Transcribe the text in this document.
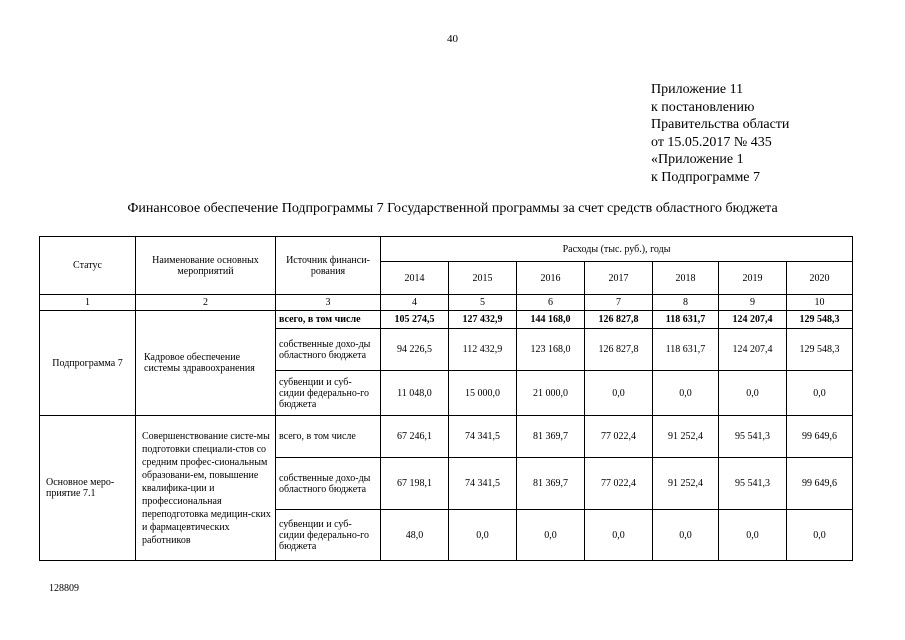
40
Приложение 11
к постановлению
Правительства области
от 15.05.2017 № 435
«Приложение 1
к Подпрограмме 7
Финансовое обеспечение Подпрограммы 7 Государственной программы за счет средств областного бюджета
Статус	Наименование основных мероприятий	Источник финанси-рования	Расходы (тыс. руб.), годы						
			2014	2015	2016	2017	2018	2019	2020
1	2	3	4	5	6	7	8	9	10
Подпрограмма 7	Кадровое обеспечение системы здравоохранения	всего, в том числе	105 274,5	127 432,9	144 168,0	126 827,8	118 631,7	124 207,4	129 548,3
		собственные дохо-ды областного бюджета	94 226,5	112 432,9	123 168,0	126 827,8	118 631,7	124 207,4	129 548,3
		субвенции и суб-сидии федерально-го бюджета	11 048,0	15 000,0	21 000,0	0,0	0,0	0,0	0,0
Основное меро-приятие 7.1	Совершенствование систе-мы подготовки специали-стов со средним профес-сиональным образовани-ем, повышение квалифика-ции и профессиональная переподготовка медицин-ских и фармацевтических работников	всего, в том числе	67 246,1	74 341,5	81 369,7	77 022,4	91 252,4	95 541,3	99 649,6
		собственные дохо-ды областного бюджета	67 198,1	74 341,5	81 369,7	77 022,4	91 252,4	95 541,3	99 649,6
		субвенции и суб-сидии федерально-го бюджета	48,0	0,0	0,0	0,0	0,0	0,0	0,0
128809
